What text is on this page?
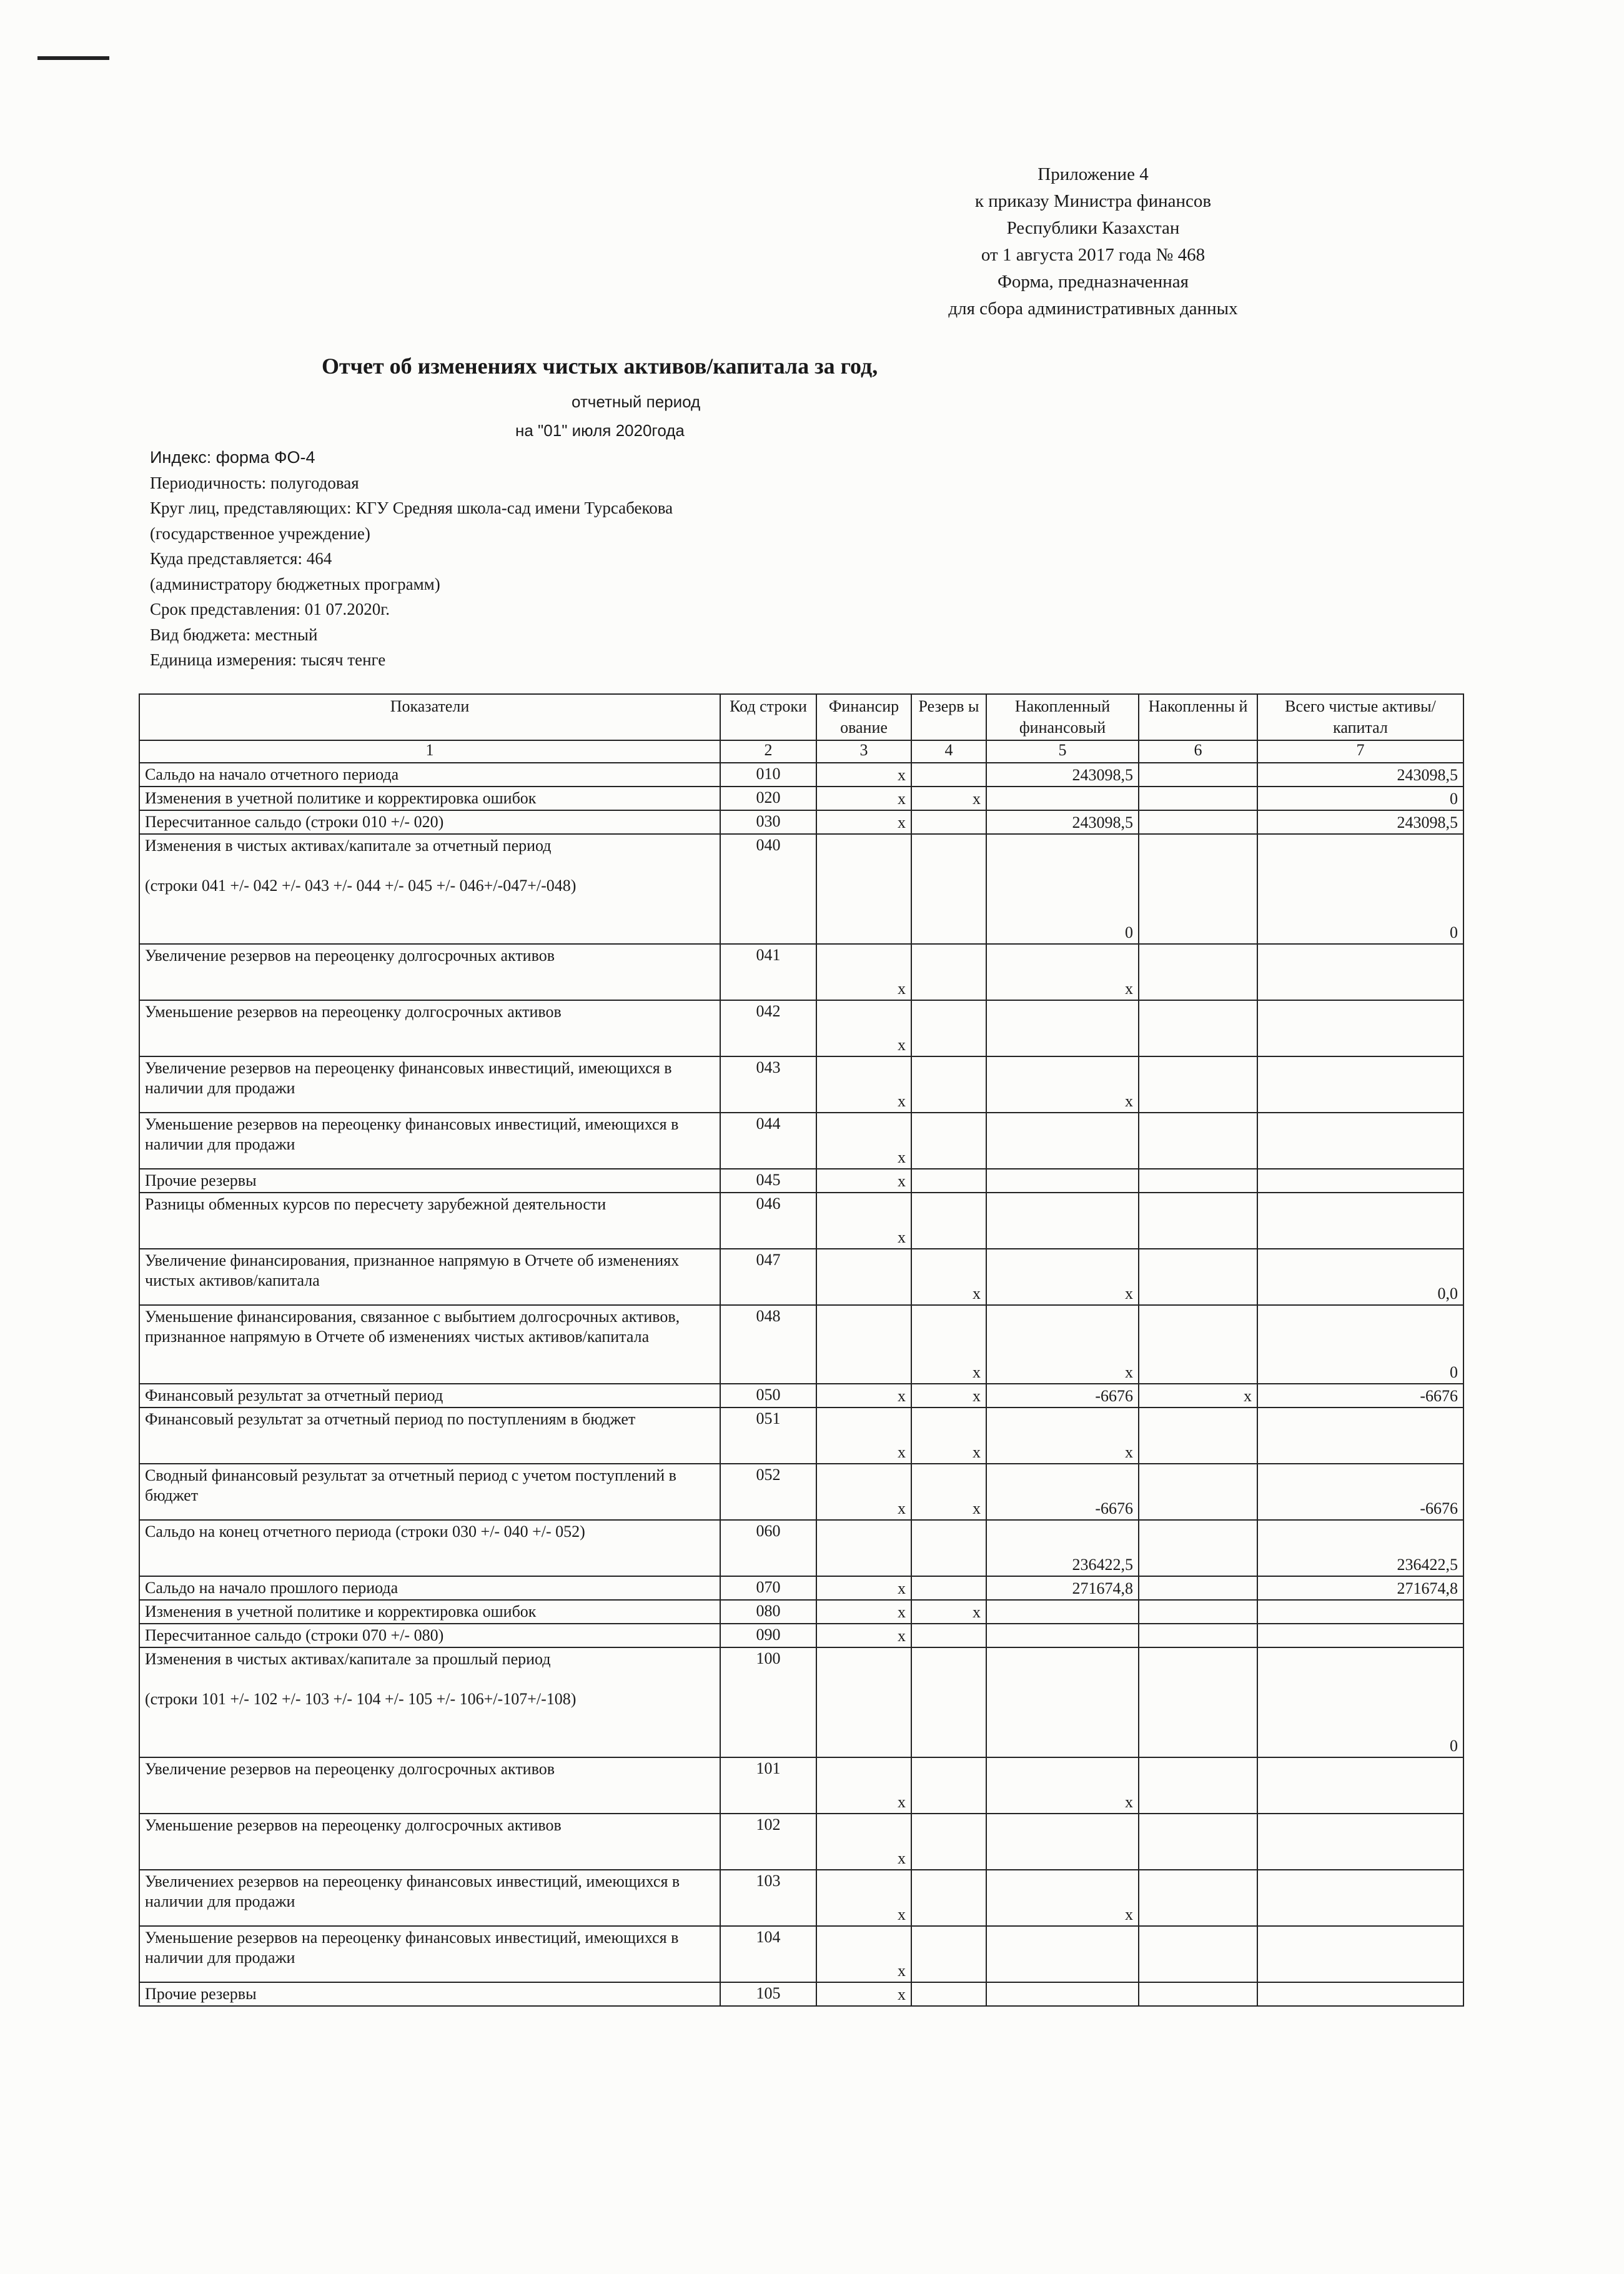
Приложение 4
к приказу Министра финансов
Республики Казахстан
от 1 августа 2017 года № 468
Форма, предназначенная
для сбора административных данных
Отчет об изменениях чистых активов/капитала за год,
отчетный период
на "01" июля 2020года
Индекс: форма ФО-4
Периодичность: полугодовая
Круг лиц, представляющих: КГУ Средняя школа-сад имени Турсабекова
(государственное учреждение)
Куда представляется: 464
(администратору бюджетных программ)
Срок представления: 01 07.2020г.
Вид бюджета: местный
Единица измерения: тысяч тенге
Показатели	Код строки	Финансир ование	Резерв ы	Накопленный финансовый	Накопленны й	Всего чистые активы/капитал
1	2	3	4	5	6	7
Сальдо на начало отчетного периода	010	x		243098,5		243098,5
Изменения в учетной политике и корректировка ошибок	020	x	x			0
Пересчитанное сальдо (строки 010 +/- 020)	030	x		243098,5		243098,5
Изменения в чистых активах/капитале за отчетный период

(строки 041 +/- 042 +/- 043 +/- 044 +/- 045 +/- 046+/-047+/-048)	040			0		0
Увеличение резервов на переоценку долгосрочных активов	041	x		x		
Уменьшение резервов на переоценку долгосрочных активов	042	x				
Увеличение резервов на переоценку финансовых инвестиций, имеющихся в наличии для продажи	043	x		x		
Уменьшение резервов на переоценку финансовых инвестиций, имеющихся в наличии для продажи	044	x				
Прочие резервы	045	x				
Разницы обменных курсов по пересчету зарубежной деятельности	046	x				
Увеличение финансирования, признанное напрямую в Отчете об изменениях чистых активов/капитала	047		x	x		0,0
Уменьшение финансирования, связанное с выбытием долгосрочных активов, признанное напрямую в Отчете об изменениях чистых активов/капитала	048		x	x		0
Финансовый результат за отчетный период	050	x	x	-6676	x	-6676
Финансовый результат за отчетный период по поступлениям в бюджет	051	x	x	x		
Сводный финансовый результат за отчетный период с учетом поступлений в бюджет	052	x	x	-6676		-6676
Сальдо на конец отчетного периода (строки 030 +/- 040 +/- 052)	060			236422,5		236422,5
Сальдо на начало прошлого периода	070	x		271674,8		271674,8
Изменения в учетной политике и корректировка ошибок	080	x	x			
Пересчитанное сальдо (строки 070 +/- 080)	090	x				
Изменения в чистых активах/капитале за прошлый период

(строки 101 +/- 102 +/- 103 +/- 104 +/- 105 +/- 106+/-107+/-108)	100					0
Увеличение резервов на переоценку долгосрочных активов	101	x		x		
Уменьшение резервов на переоценку долгосрочных активов	102	x				
Увеличениех резервов на переоценку финансовых инвестиций, имеющихся в наличии для продажи	103	x		x		
Уменьшение резервов на переоценку финансовых инвестиций, имеющихся в наличии для продажи	104	x				
Прочие резервы	105	x				
